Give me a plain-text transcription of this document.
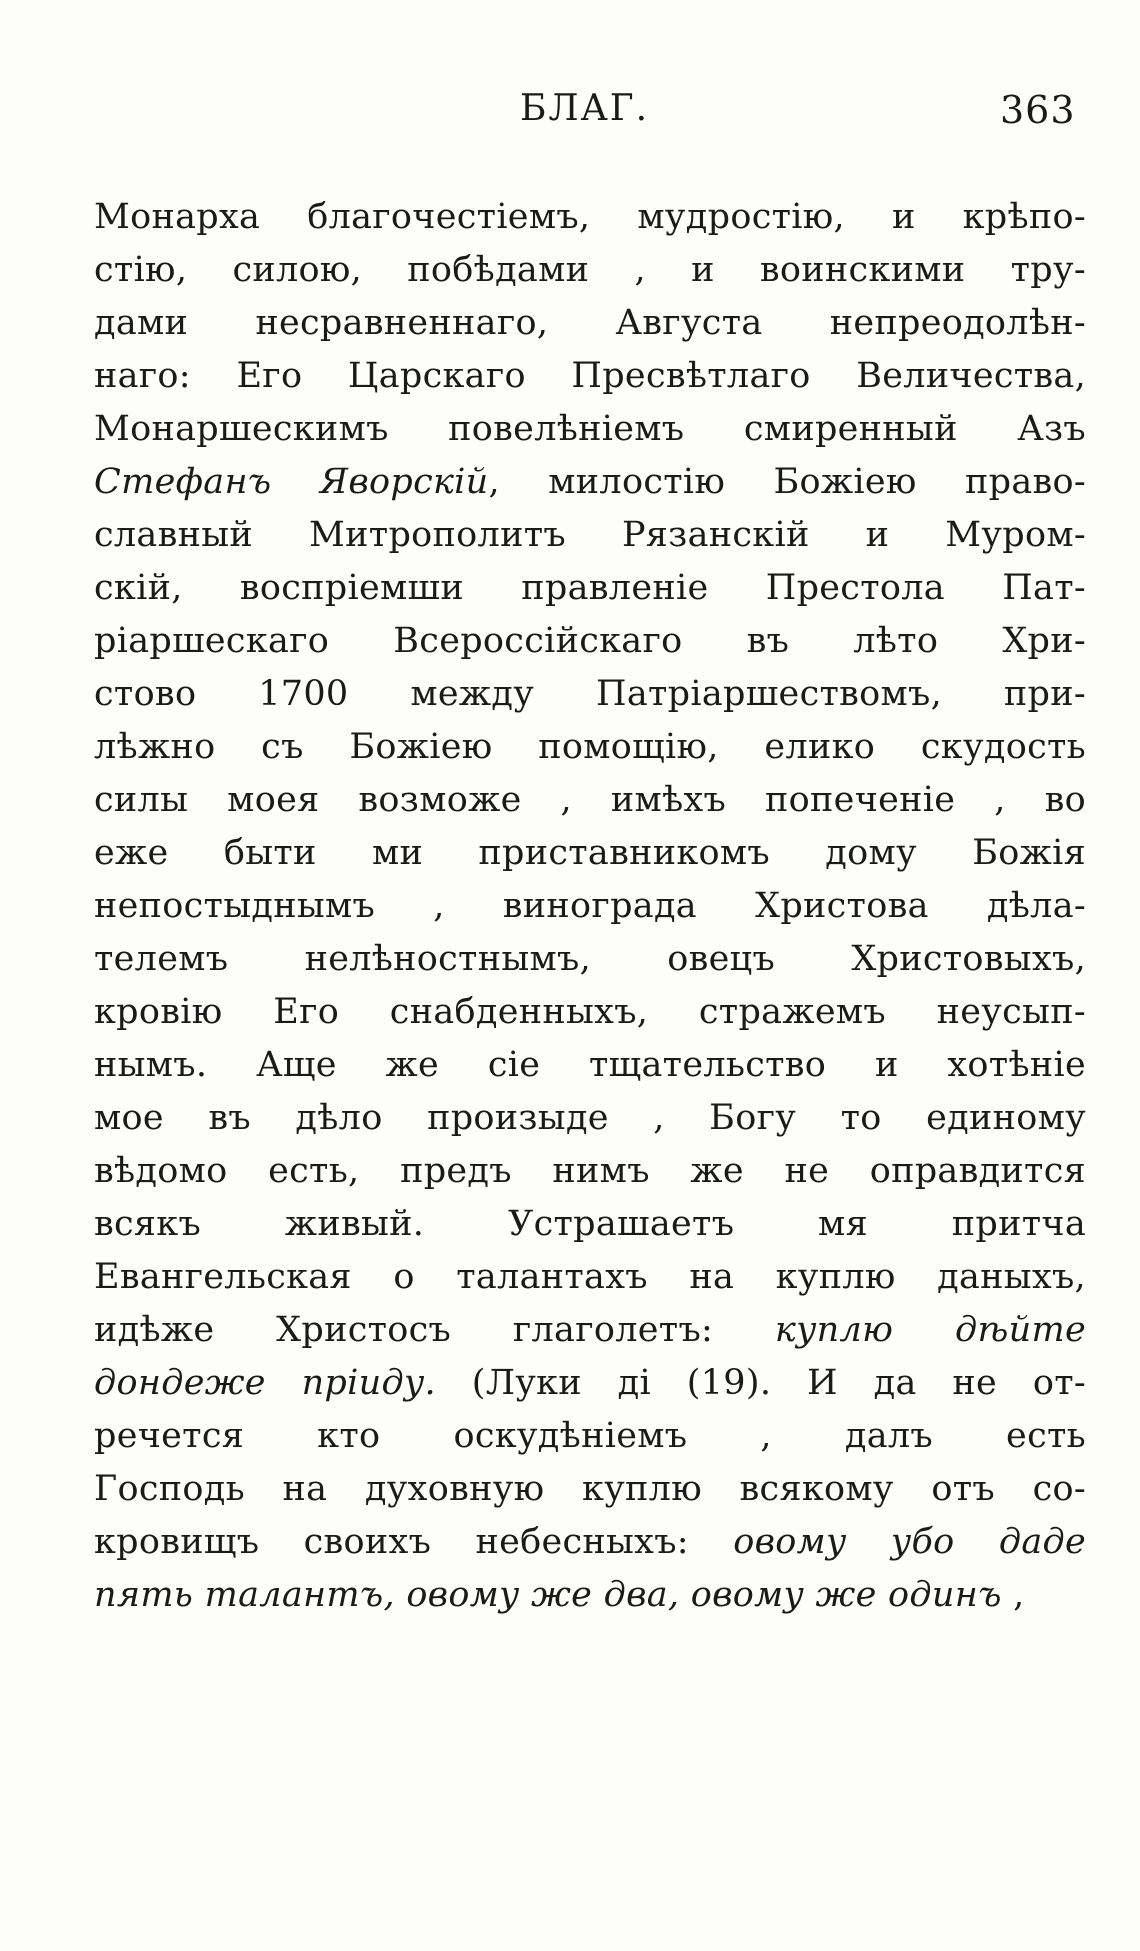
БЛАГ.	363
Монарха благочестіемъ, мудростію, и крѣпо-
стію, силою, побѣдами , и воинскими тру-
дами несравненнаго, Августа непреодолѣн-
наго: Его Царскаго Пресвѣтлаго Величества,
Монаршескимъ повелѣніемъ смиренный Азъ
Стефанъ Яворскій, милостію Божіею право-
славный Митрополитъ Рязанскій и Муром-
скій, воспріемши правленіе Престола Пат-
ріаршескаго Всероссійскаго въ лѣто Хри-
стово 1700 между Патріаршествомъ, при-
лѣжно съ Божіею помощію, елико скудость
силы моея возможе , имѣхъ попеченіе , во
еже быти ми приставникомъ дому Божія
непостыднымъ , винограда Христова дѣла-
телемъ нелѣностнымъ, овецъ Христовыхъ,
кровію Его снабденныхъ, стражемъ неусып-
нымъ. Аще же сіе тщательство и хотѣніе
мое въ дѣло произыде , Богу то единому
вѣдомо есть, предъ нимъ же не оправдится
всякъ живый. Устрашаетъ мя притча
Евангельская о талантахъ на куплю даныхъ,
идѣже Христосъ глаголетъ: куплю дѣйте
дондеже пріиду. (Луки ді (19). И да не от-
речется кто оскудѣніемъ , далъ есть
Господь на духовную куплю всякому отъ со-
кровищъ своихъ небесныхъ: овому убо даде
пять талантъ, овому же два, овому же одинъ ,
